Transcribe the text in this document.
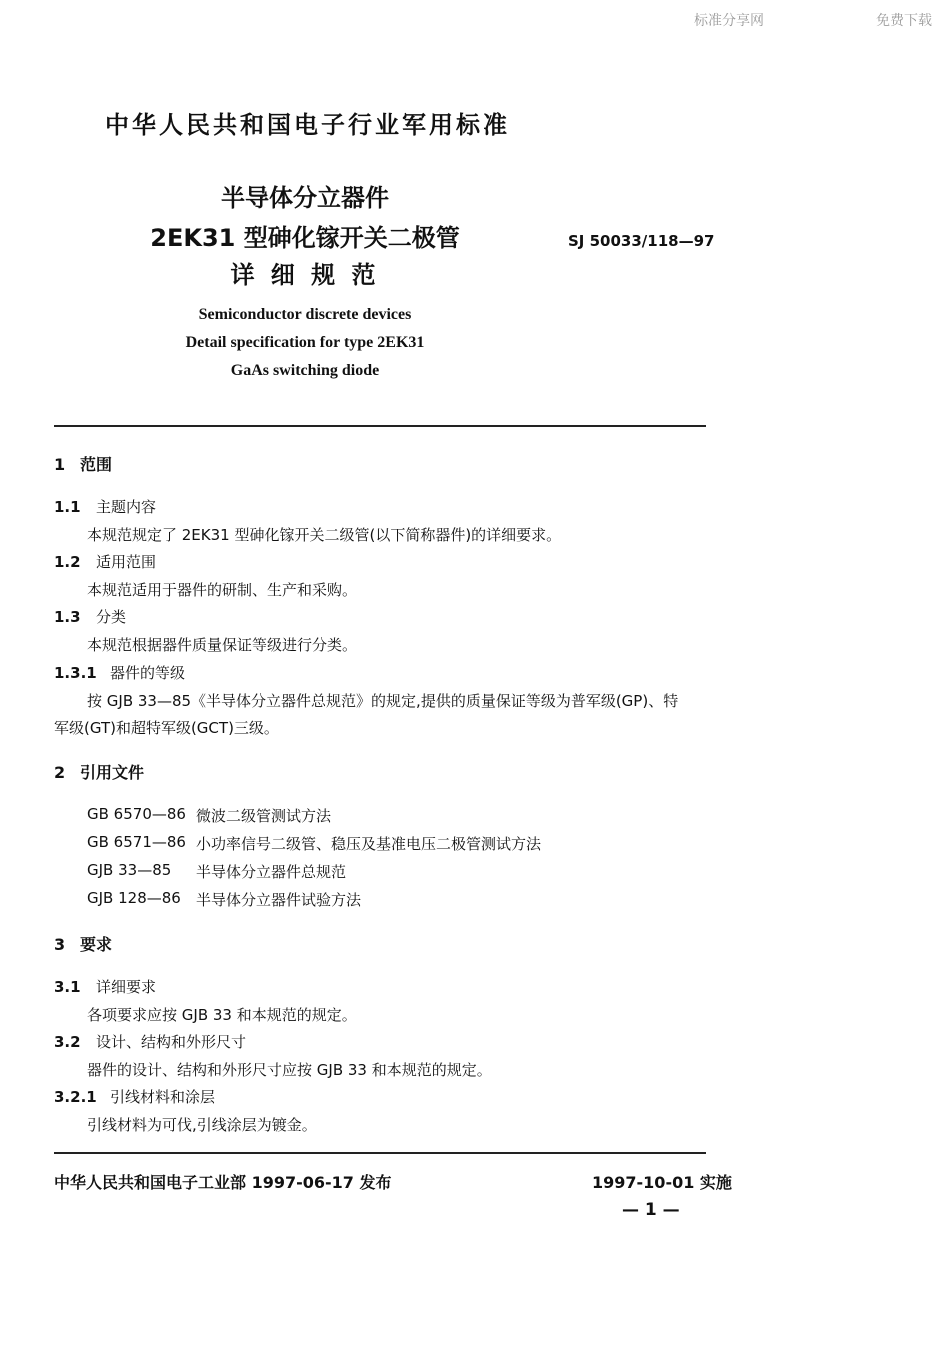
标准分享网	免费下载
中华人民共和国电子行业军用标准
半导体分立器件
2EK31 型砷化镓开关二极管
详 细 规 范
SJ 50033/118—97
Semiconductor discrete devices
Detail specification for type 2EK31
GaAs switching diode
1 范围
1.1 主题内容
本规范规定了 2EK31 型砷化镓开关二级管(以下简称器件)的详细要求。
1.2 适用范围
本规范适用于器件的研制、生产和采购。
1.3 分类
本规范根据器件质量保证等级进行分类。
1.3.1 器件的等级
按 GJB 33—85《半导体分立器件总规范》的规定,提供的质量保证等级为普军级(GP)、特
军级(GT)和超特军级(GCT)三级。
2 引用文件
GB 6570—86 微波二级管测试方法
GB 6571—86 小功率信号二级管、稳压及基准电压二极管测试方法
GJB 33—85 半导体分立器件总规范
GJB 128—86 半导体分立器件试验方法
3 要求
3.1 详细要求
各项要求应按 GJB 33 和本规范的规定。
3.2 设计、结构和外形尺寸
器件的设计、结构和外形尺寸应按 GJB 33 和本规范的规定。
3.2.1 引线材料和涂层
引线材料为可伐,引线涂层为镀金。
中华人民共和国电子工业部 1997-06-17 发布	1997-10-01 实施
— 1 —
